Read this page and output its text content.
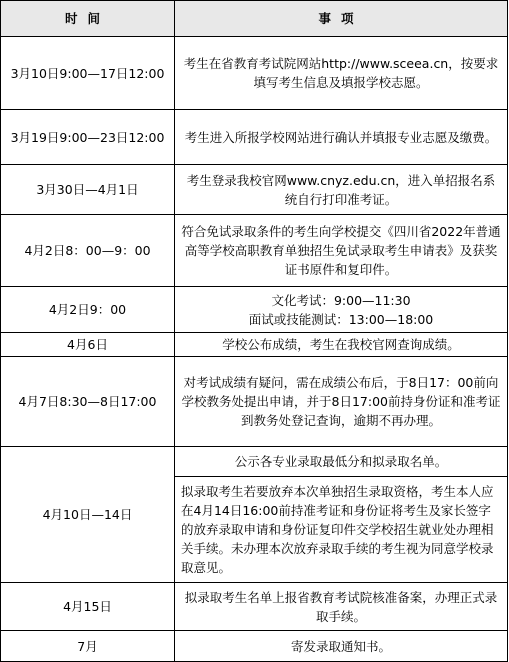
时间	事项
3月10日9:00—17日12:00	考生在省教育考试院网站http://www.sceea.cn，按要求填写考生信息及填报学校志愿。
3月19日9:00—23日12:00	考生进入所报学校网站进行确认并填报专业志愿及缴费。
3月30日—4月1日	考生登录我校官网www.cnyz.edu.cn，进入单招报名系统自行打印准考证。
4月2日8：00—9：00	符合免试录取条件的考生向学校提交《四川省2022年普通高等学校高职教育单独招生免试录取考生申请表》及获奖证书原件和复印件。
4月2日9：00	文化考试：9:00—11:30
面试或技能测试：13:00—18:00

4月6日	学校公布成绩，考生在我校官网查询成绩。
4月7日8:30—8日17:00	对考试成绩有疑问，需在成绩公布后，于8日17：00前向学校教务处提出申请，并于8日17:00前持身份证和准考证到教务处登记查询，逾期不再办理。
4月10日—14日	公示各专业录取最低分和拟录取名单。
	拟录取考生若要放弃本次单独招生录取资格，考生本人应在4月14日16:00前持准考证和身份证将考生及家长签字的放弃录取申请和身份证复印件交学校招生就业处办理相关手续。未办理本次放弃录取手续的考生视为同意学校录取意见。
4月15日	拟录取考生名单上报省教育考试院核准备案，办理正式录取手续。
7月	寄发录取通知书。
